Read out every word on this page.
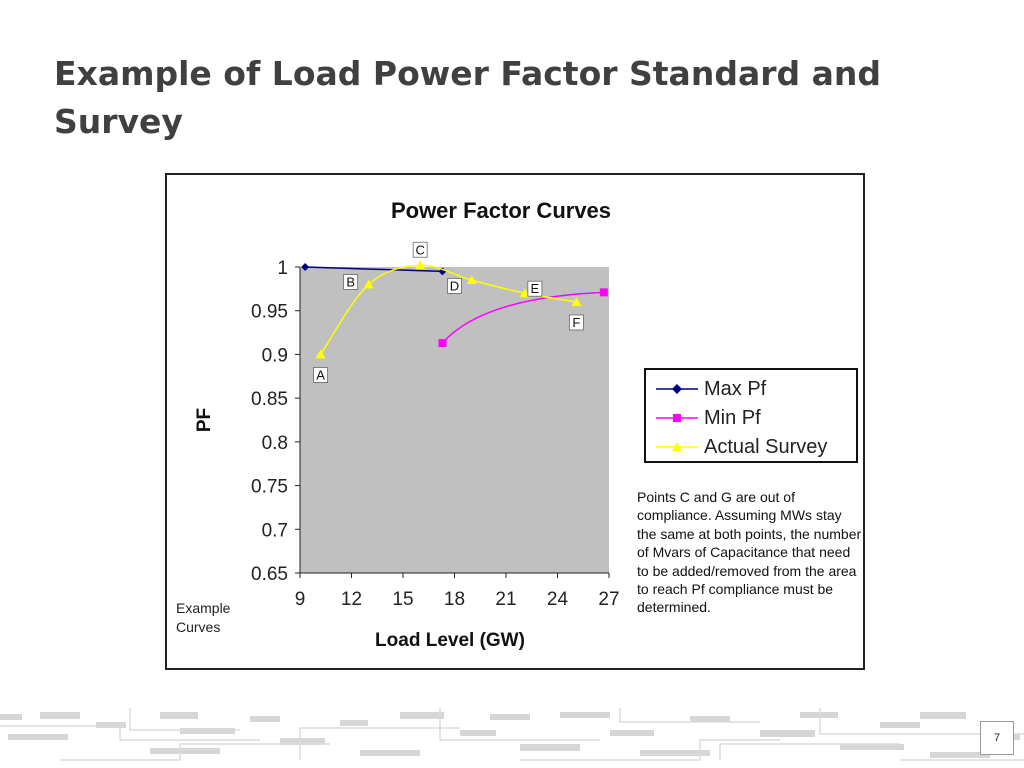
Example of Load Power Factor Standard and Survey
Power Factor Curves
0.65
0.7
0.75
0.8
0.85
0.9
0.95
1
9 12 15 18 21 24 27
Load Level (GW)
PF
A
B
C
D	E
F
Max Pf
Min Pf
Actual Survey
Points C and G are out of compliance. Assuming MWs stay the same at both points, the number of Mvars of Capacitance that need to be added/removed from the area to reach Pf compliance must be determined.
Example Curves
7
